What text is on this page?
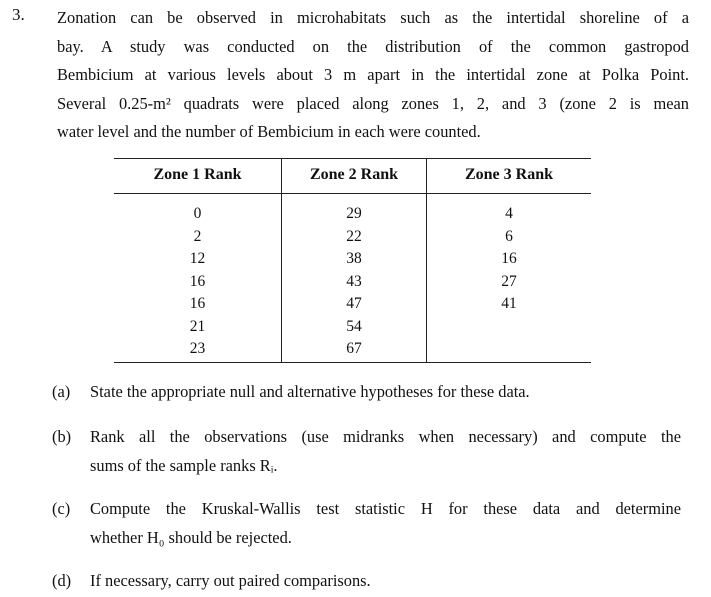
3. Zonation can be observed in microhabitats such as the intertidal shoreline of a
bay. A study was conducted on the distribution of the common gastropod
Bembicium at various levels about 3 m apart in the intertidal zone at Polka Point.
Several 0.25-m² quadrats were placed along zones 1, 2, and 3 (zone 2 is mean
water level and the number of Bembicium in each were counted.
Zone 1 Rank	Zone 2 Rank	Zone 3 Rank
0
2
12
16
16
21
23
29
22
38
43
47
54
67
4
6
16
27
41
(a) State the appropriate null and alternative hypotheses for these data.
(b) Rank all the observations (use midranks when necessary) and compute the
sums of the sample ranks Rᵢ.
(c) Compute the Kruskal-Wallis test statistic H for these data and determine
whether H₀ should be rejected.
(d) If necessary, carry out paired comparisons.
